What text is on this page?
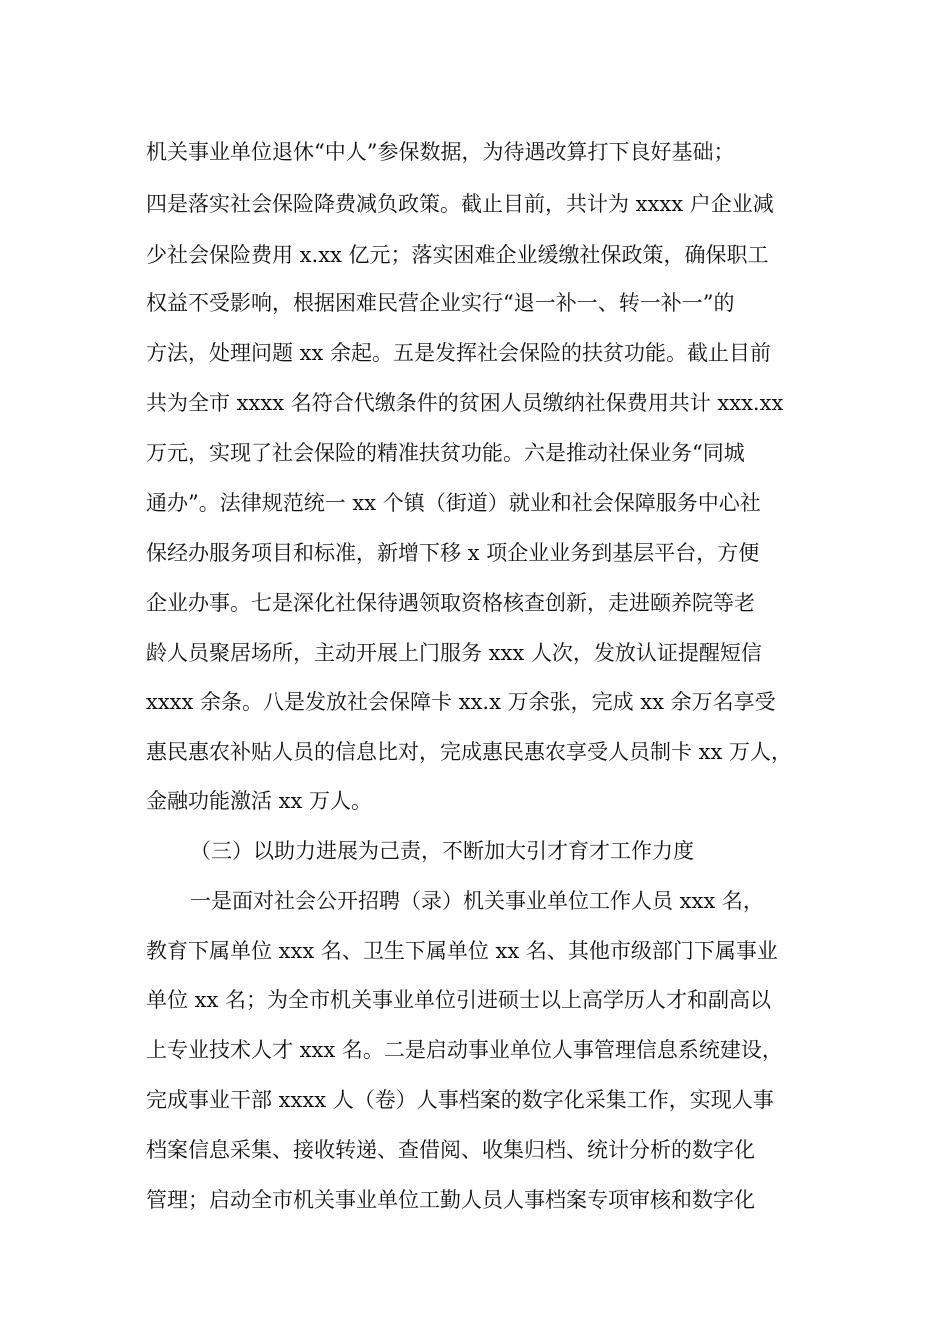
机关事业单位退休“中人”参保数据，为待遇改算打下良好基础；
四是落实社会保险降费减负政策。截止目前，共计为 xxxx 户企业减
少社会保险费用 x.xx 亿元；落实困难企业缓缴社保政策，确保职工
权益不受影响，根据困难民营企业实行“退一补一、转一补一”的
方法，处理问题 xx 余起。五是发挥社会保险的扶贫功能。截止目前
共为全市 xxxx 名符合代缴条件的贫困人员缴纳社保费用共计 xxx.xx
万元，实现了社会保险的精准扶贫功能。六是推动社保业务“同城
通办”。法律规范统一 xx 个镇（街道）就业和社会保障服务中心社
保经办服务项目和标准，新增下移 x 项企业业务到基层平台，方便
企业办事。七是深化社保待遇领取资格核查创新，走进颐养院等老
龄人员聚居场所，主动开展上门服务 xxx 人次，发放认证提醒短信
xxxx 余条。八是发放社会保障卡 xx.x 万余张，完成 xx 余万名享受
惠民惠农补贴人员的信息比对，完成惠民惠农享受人员制卡 xx 万人，
金融功能激活 xx 万人。
（三）以助力进展为己责，不断加大引才育才工作力度
一是面对社会公开招聘（录）机关事业单位工作人员 xxx 名，
教育下属单位 xxx 名、卫生下属单位 xx 名、其他市级部门下属事业
单位 xx 名；为全市机关事业单位引进硕士以上高学历人才和副高以
上专业技术人才 xxx 名。二是启动事业单位人事管理信息系统建设，
完成事业干部 xxxx 人（卷）人事档案的数字化采集工作，实现人事
档案信息采集、接收转递、查借阅、收集归档、统计分析的数字化
管理；启动全市机关事业单位工勤人员人事档案专项审核和数字化
